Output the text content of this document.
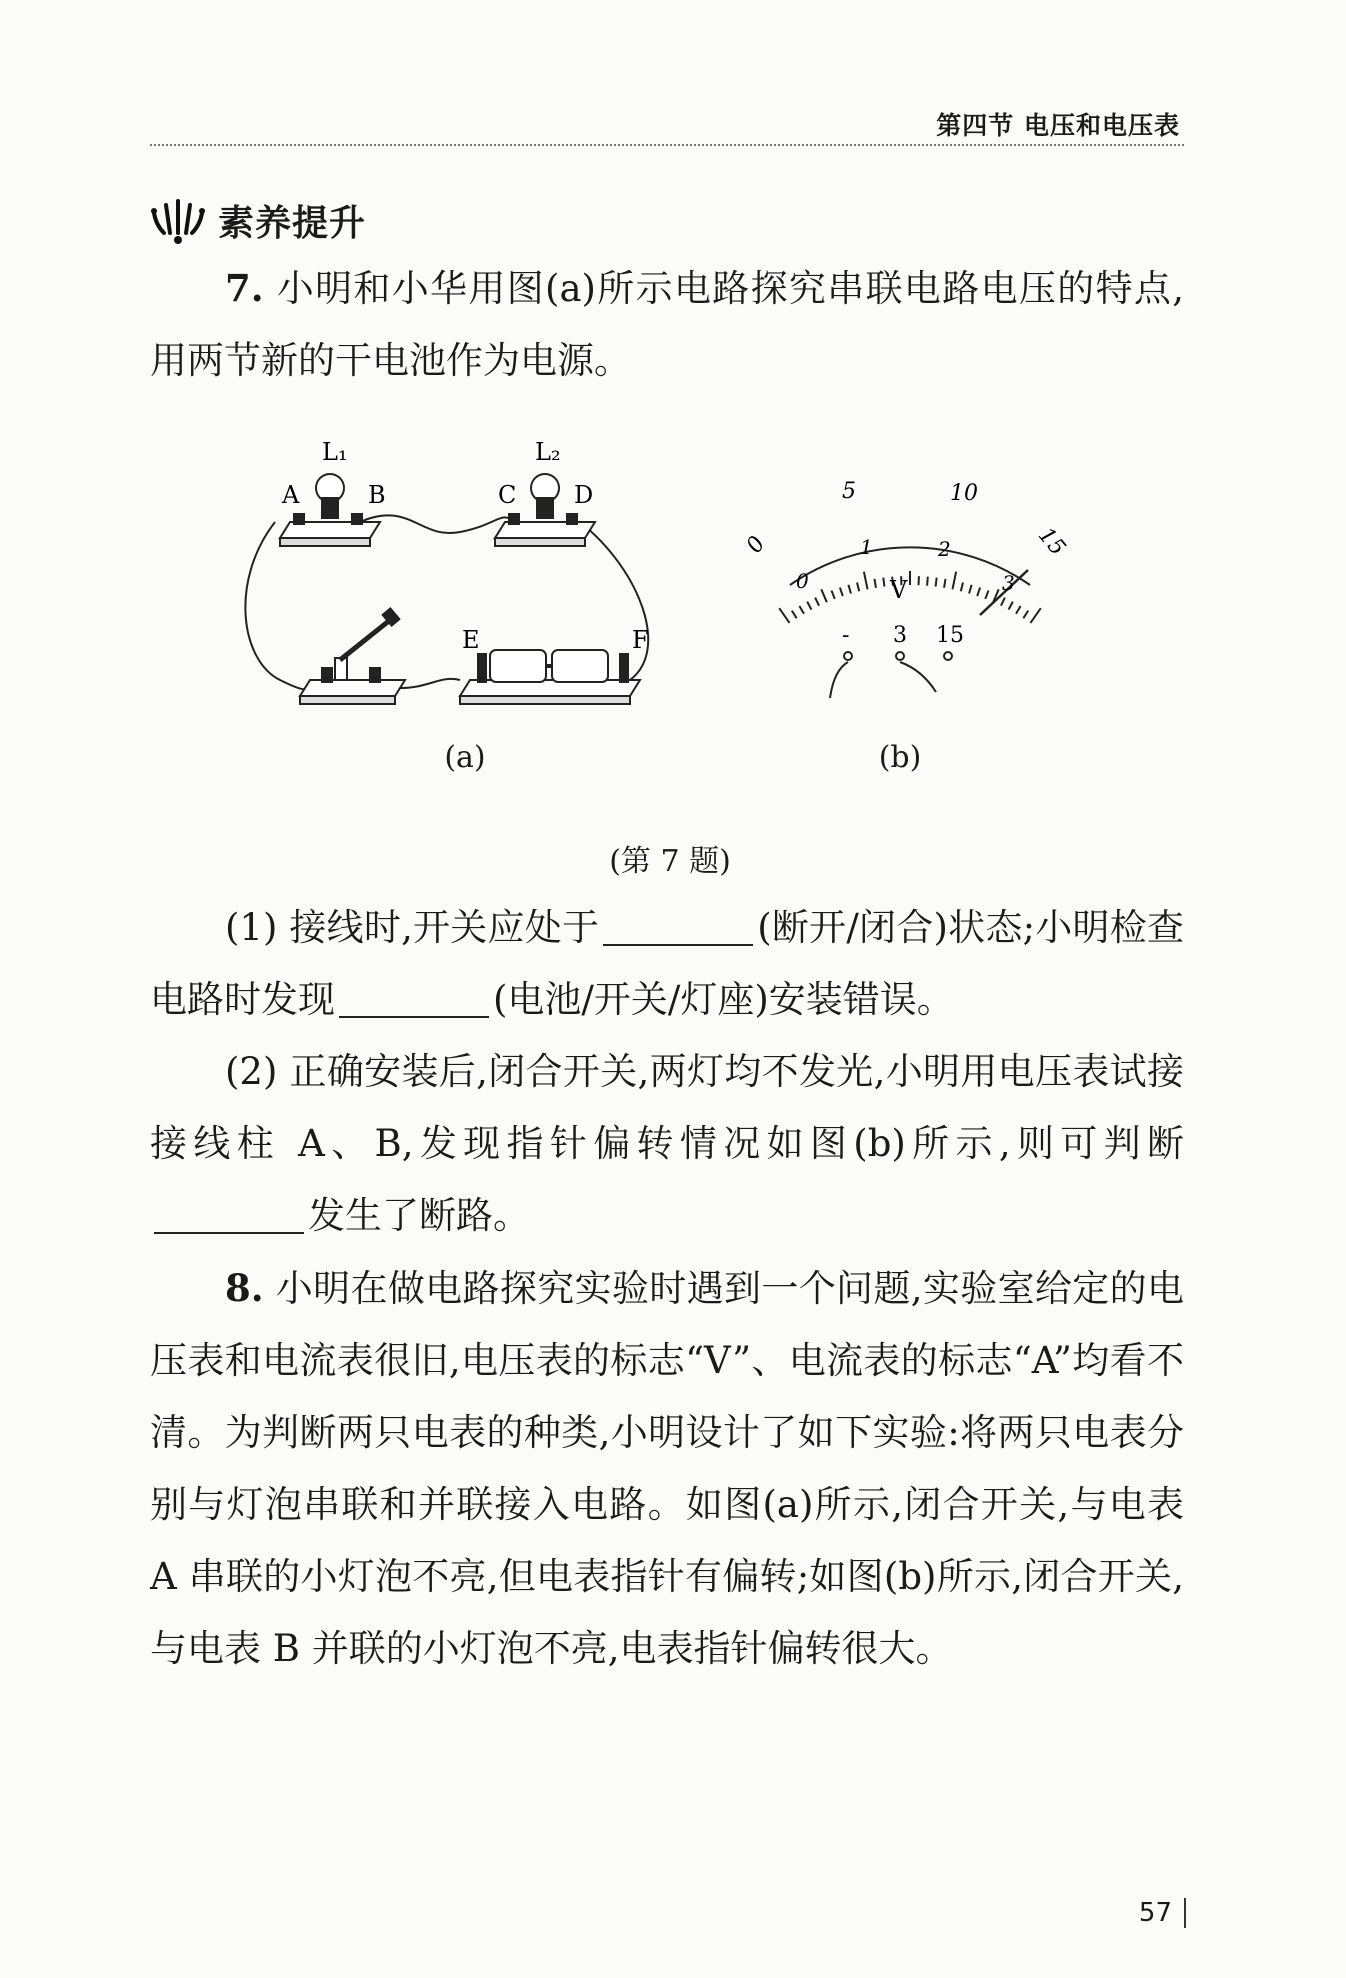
第四节 电压和电压表
素养提升

7. 小明和小华用图(a)所示电路探究串联电路电压的特点,用两节新的干电池作为电源。

L₁	L₂
A	B	C D
E	F
(a)
0
5	10
15
0
1	2
3
V
- 3 15
(b)
(第 7 题)

(1) 接线时,开关应处于	(断开/闭合)状态;小明检查电路时发现	(电池/开关/灯座)安装错误。

(2) 正确安装后,闭合开关,两灯均不发光,小明用电压表试接接线柱 A、B,发现指针偏转情况如图(b)所示,则可判断发生了断路。

8. 小明在做电路探究实验时遇到一个问题,实验室给定的电压表和电流表很旧,电压表的标志“V”、电流表的标志“A”均看不清。为判断两只电表的种类,小明设计了如下实验:将两只电表分别与灯泡串联和并联接入电路。如图(a)所示,闭合开关,与电表 A 串联的小灯泡不亮,但电表指针有偏转;如图(b)所示,闭合开关,与电表 B 并联的小灯泡不亮,电表指针偏转很大。

57
